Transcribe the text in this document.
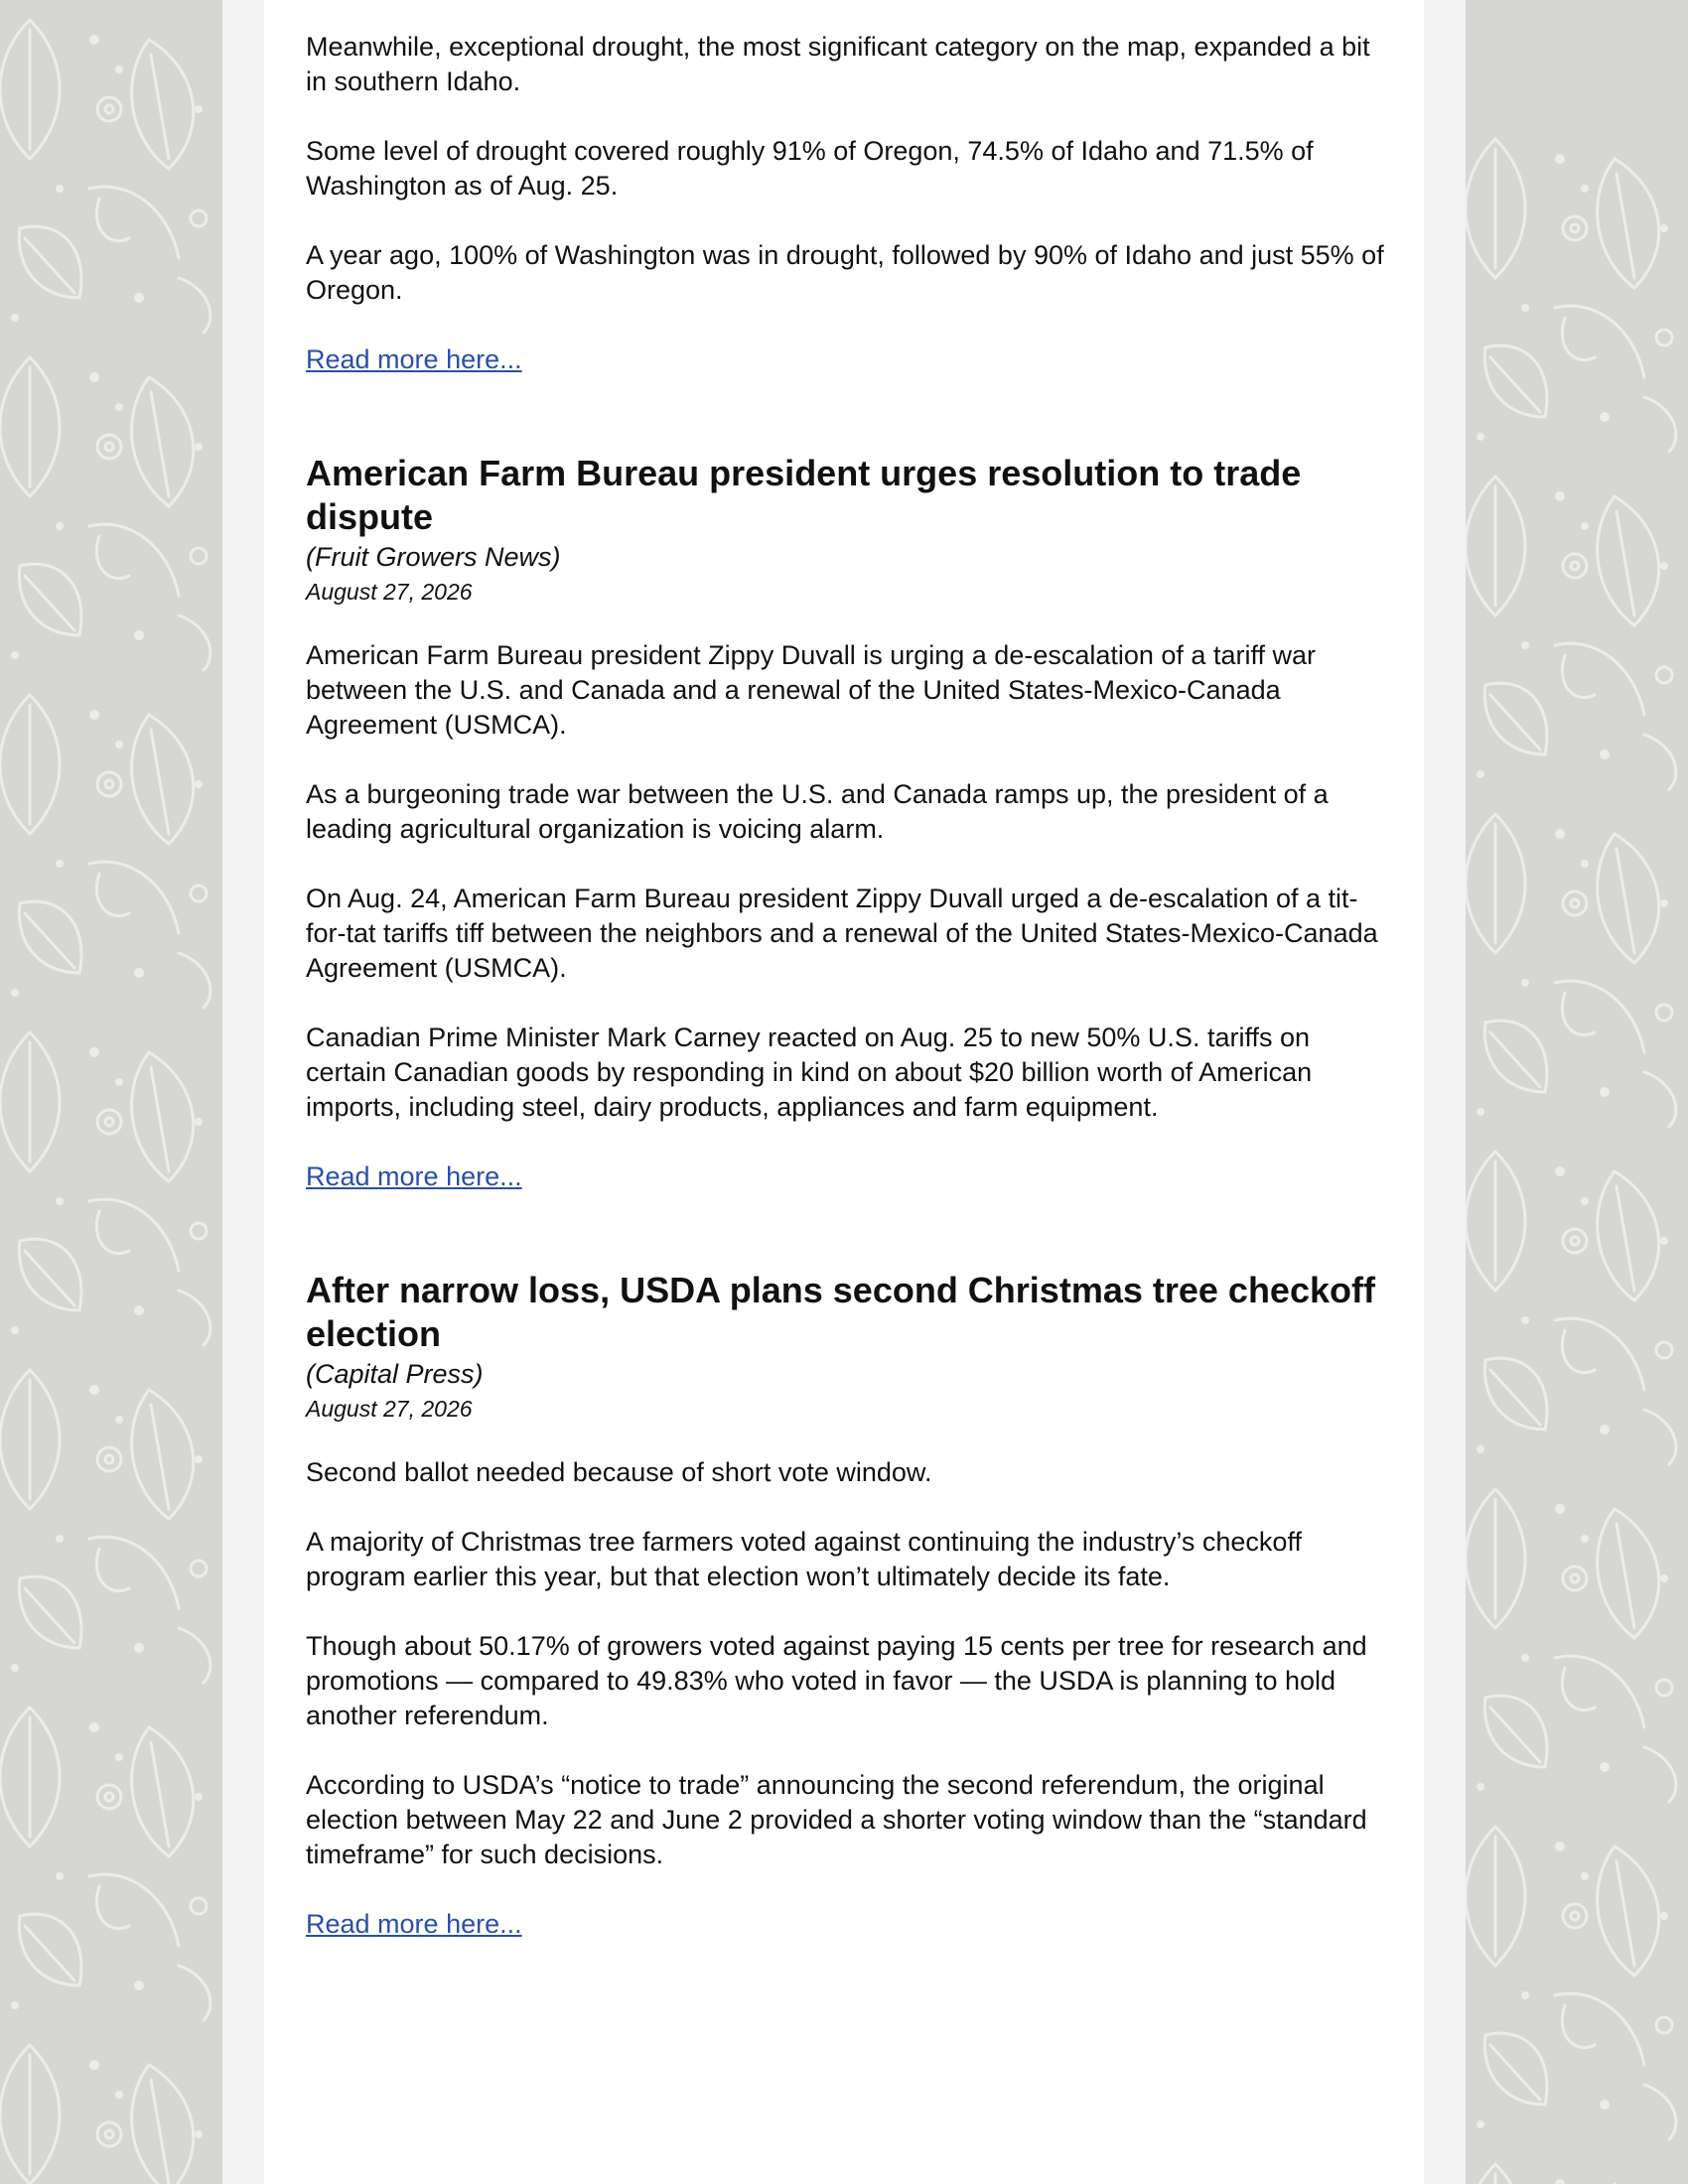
Meanwhile, exceptional drought, the most significant category on the map, expanded a bit in southern Idaho.

Some level of drought covered roughly 91% of Oregon, 74.5% of Idaho and 71.5% of Washington as of Aug. 25.

A year ago, 100% of Washington was in drought, followed by 90% of Idaho and just 55% of Oregon.

Read more here...
American Farm Bureau president urges resolution to trade dispute

(Fruit Growers News)

August 27, 2026

American Farm Bureau president Zippy Duvall is urging a de-escalation of a tariff war between the U.S. and Canada and a renewal of the United States-Mexico-Canada Agreement (USMCA).

As a burgeoning trade war between the U.S. and Canada ramps up, the president of a leading agricultural organization is voicing alarm.

On Aug. 24, American Farm Bureau president Zippy Duvall urged a de-escalation of a tit-for-tat tariffs tiff between the neighbors and a renewal of the United States-Mexico-Canada Agreement (USMCA).

Canadian Prime Minister Mark Carney reacted on Aug. 25 to new 50% U.S. tariffs on certain Canadian goods by responding in kind on about $20 billion worth of American imports, including steel, dairy products, appliances and farm equipment.

Read more here...
After narrow loss, USDA plans second Christmas tree checkoff election

(Capital Press)

August 27, 2026

Second ballot needed because of short vote window.

A majority of Christmas tree farmers voted against continuing the industry’s checkoff program earlier this year, but that election won’t ultimately decide its fate.

Though about 50.17% of growers voted against paying 15 cents per tree for research and promotions — compared to 49.83% who voted in favor — the USDA is planning to hold another referendum.

According to USDA’s “notice to trade” announcing the second referendum, the original election between May 22 and June 2 provided a shorter voting window than the “standard timeframe” for such decisions.

Read more here...
